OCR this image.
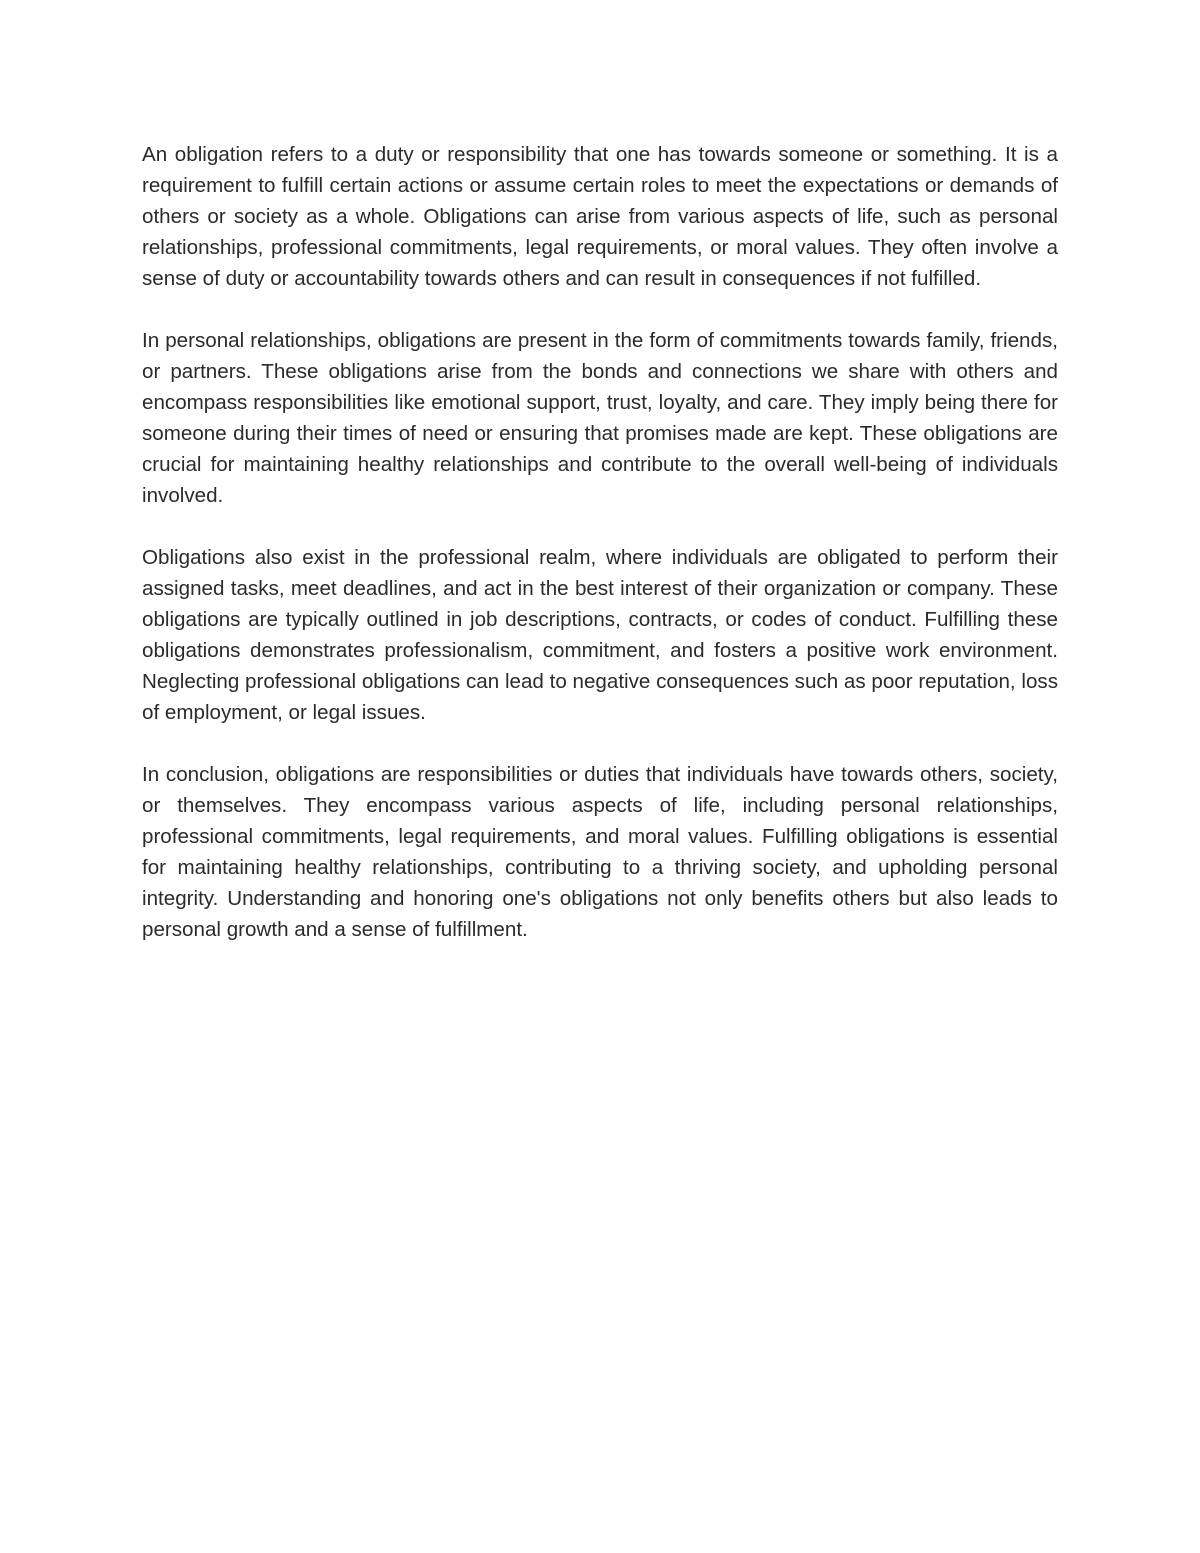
An obligation refers to a duty or responsibility that one has towards someone or something. It is a requirement to fulfill certain actions or assume certain roles to meet the expectations or demands of others or society as a whole. Obligations can arise from various aspects of life, such as personal relationships, professional commitments, legal requirements, or moral values. They often involve a sense of duty or accountability towards others and can result in consequences if not fulfilled.

In personal relationships, obligations are present in the form of commitments towards family, friends, or partners. These obligations arise from the bonds and connections we share with others and encompass responsibilities like emotional support, trust, loyalty, and care. They imply being there for someone during their times of need or ensuring that promises made are kept. These obligations are crucial for maintaining healthy relationships and contribute to the overall well-being of individuals involved.

Obligations also exist in the professional realm, where individuals are obligated to perform their assigned tasks, meet deadlines, and act in the best interest of their organization or company. These obligations are typically outlined in job descriptions, contracts, or codes of conduct. Fulfilling these obligations demonstrates professionalism, commitment, and fosters a positive work environment. Neglecting professional obligations can lead to negative consequences such as poor reputation, loss of employment, or legal issues.

In conclusion, obligations are responsibilities or duties that individuals have towards others, society, or themselves. They encompass various aspects of life, including personal relationships, professional commitments, legal requirements, and moral values. Fulfilling obligations is essential for maintaining healthy relationships, contributing to a thriving society, and upholding personal integrity. Understanding and honoring one's obligations not only benefits others but also leads to personal growth and a sense of fulfillment.
